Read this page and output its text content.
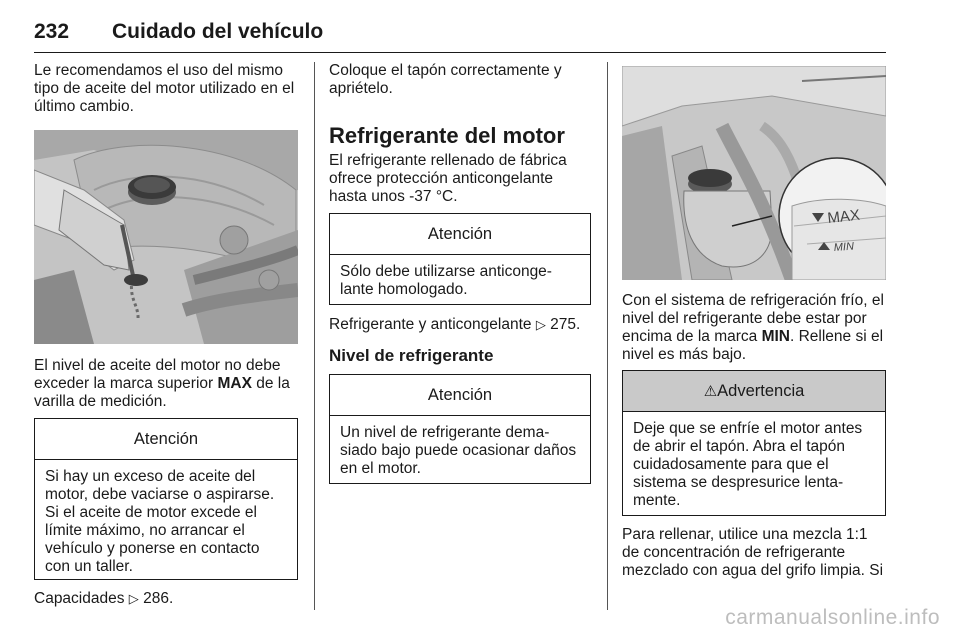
232 Cuidado del vehículo

Le recomendamos el uso del mismo tipo de aceite del motor utilizado en el último cambio.

El nivel de aceite del motor no debe exceder la marca superior MAX de la varilla de medición.

Atención

Si hay un exceso de aceite del motor, debe vaciarse o aspirarse. Si el aceite de motor excede el límite máximo, no arrancar el vehículo y ponerse en contacto con un taller.

Capacidades ▷ 286.

Coloque el tapón correctamente y apriételo.

Refrigerante del motor

El refrigerante rellenado de fábrica ofrece protección anticongelante hasta unos -37 °C.

Atención

Sólo debe utilizarse anticonge- lante homologado.

Refrigerante y anticongelante ▷ 275.

Nivel de refrigerante
Atención

Un nivel de refrigerante dema- siado bajo puede ocasionar daños en el motor.

MAX
MIN

Con el sistema de refrigeración frío, el nivel del refrigerante debe estar por encima de la marca MIN. Rellene si el nivel es más bajo.

⚠Advertencia

Deje que se enfríe el motor antes de abrir el tapón. Abra el tapón cuidadosamente para que el sistema se despresurice lenta- mente.

Para rellenar, utilice una mezcla 1:1 de concentración de refrigerante mezclado con agua del grifo limpia. Si

carmanualsonline.info
